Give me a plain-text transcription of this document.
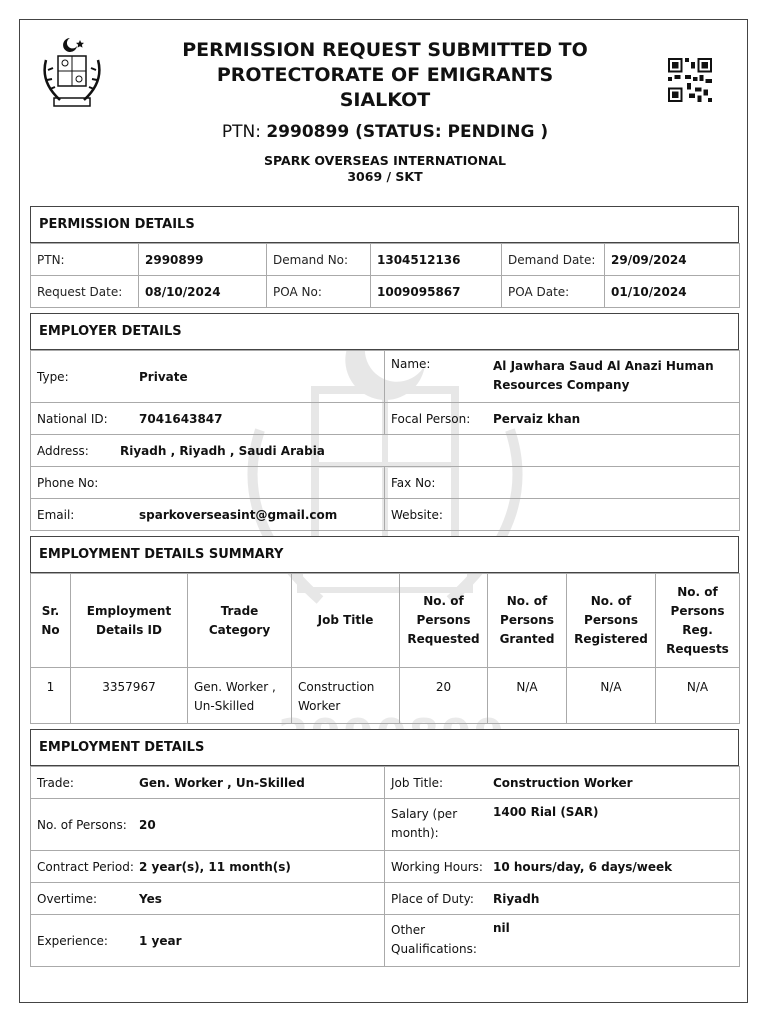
PERMISSION REQUEST SUBMITTED TO
PROTECTORATE OF EMIGRANTS
SIALKOT
PTN: 2990899 (STATUS: PENDING )
SPARK OVERSEAS INTERNATIONAL
3069 / SKT
PERMISSION DETAILS
PTN:	2990899	Demand No:	1304512136	Demand Date:	29/09/2024
Request Date:	08/10/2024	POA No:	1009095867	POA Date:	01/10/2024
EMPLOYER DETAILS
Type: Private	Name: Al Jawhara Saud Al Anazi Human Resources Company

National ID: 7041643847	Focal Person: Pervaiz khan

Address: Riyadh , Riyadh , Saudi Arabia	

Phone No:	Fax No:

Email: sparkoverseasint@gmail.com	Website:
EMPLOYMENT DETAILS SUMMARY
Sr. No	Employment Details ID	Trade Category	Job Title	No. of Persons Requested	No. of Persons Granted	No. of Persons Registered	No. of Persons Reg. Requests
1	3357967	Gen. Worker , Un-Skilled	Construction Worker	20	N/A	N/A	N/A
EMPLOYMENT DETAILS
Trade: Gen. Worker , Un-Skilled	Job Title: Construction Worker

No. of Persons: 20	Salary (per month):
1400 Rial (SAR)

Contract Period: 2 year(s), 11 month(s)	Working Hours: 10 hours/day, 6 days/week

Overtime: Yes	Place of Duty: Riyadh

Experience: 1 year	Other Qualifications:
nil
